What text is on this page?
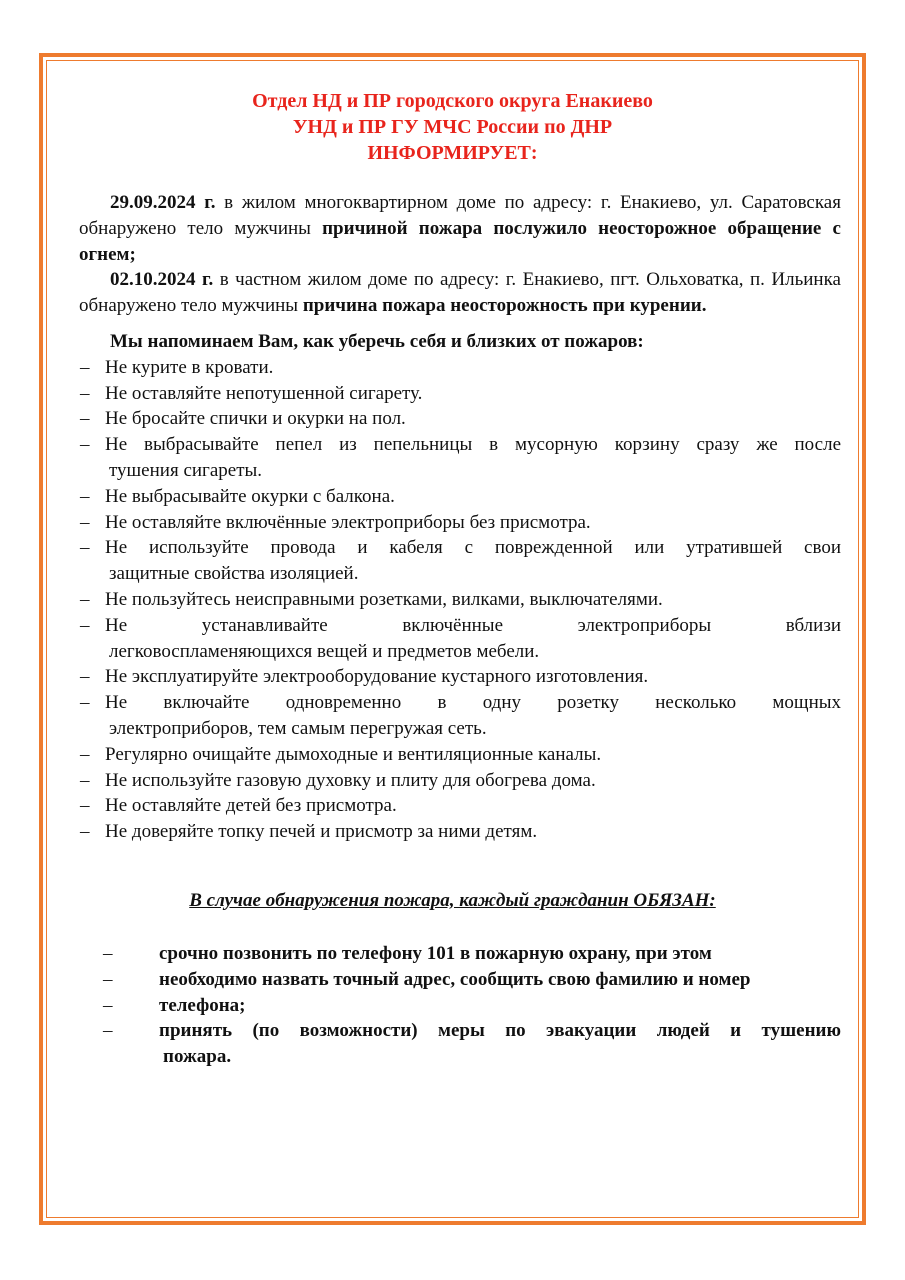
Отдел НД и ПР городского округа Енакиево
УНД и ПР ГУ МЧС России по ДНР
ИНФОРМИРУЕТ:

29.09.2024 г. в жилом многоквартирном доме по адресу: г. Енакиево, ул. Саратовская обнаружено тело мужчины причиной пожара послужило неосторожное обращение с огнем;

02.10.2024 г. в частном жилом доме по адресу: г. Енакиево, пгт. Ольховатка, п. Ильинка обнаружено тело мужчины причина пожара неосторожность при курении.

Мы напоминаем Вам, как уберечь себя и близких от пожаров:
– Не курите в кровати.
– Не оставляйте непотушенной сигарету.
– Не бросайте спички и окурки на пол.
– Не выбрасывайте пепел из пепельницы в мусорную корзину сразу же после
тушения сигареты.
– Не выбрасывайте окурки с балкона.
– Не оставляйте включённые электроприборы без присмотра.
– Не используйте провода и кабеля с поврежденной или утратившей свои
защитные свойства изоляцией.
– Не пользуйтесь неисправными розетками, вилками, выключателями.
– Не устанавливайте включённые электроприборы вблизи
легковоспламеняющихся вещей и предметов мебели.
– Не эксплуатируйте электрооборудование кустарного изготовления.
– Не включайте одновременно в одну розетку несколько мощных
электроприборов, тем самым перегружая сеть.
– Регулярно очищайте дымоходные и вентиляционные каналы.
– Не используйте газовую духовку и плиту для обогрева дома.
– Не оставляйте детей без присмотра.
– Не доверяйте топку печей и присмотр за ними детям.
В случае обнаружения пожара, каждый гражданин ОБЯЗАН:
– срочно позвонить по телефону 101 в пожарную охрану, при этом
– необходимо назвать точный адрес, сообщить свою фамилию и номер
– телефона;
– принять (по возможности) меры по эвакуации людей и тушению
пожара.
